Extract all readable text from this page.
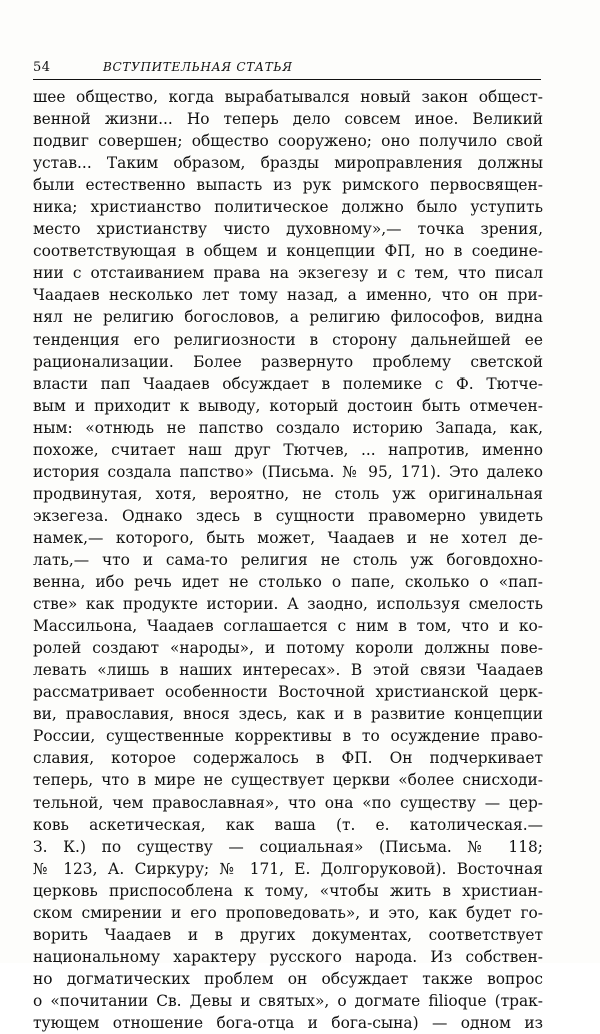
54	ВСТУПИТЕЛЬНАЯ СТАТЬЯ
шее общество, когда вырабатывался новый закон общест-
венной жизни... Но теперь дело совсем иное. Великий
подвиг совершен; общество сооружено; оно получило свой
устав... Таким образом, бразды мироправления должны
были естественно выпасть из рук римского первосвящен-
ника; христианство политическое должно было уступить
место христианству чисто духовному»,— точка зрения,
соответствующая в общем и концепции ФП, но в соедине-
нии с отстаиванием права на экзегезу и с тем, что писал
Чаадаев несколько лет тому назад, а именно, что он при-
нял не религию богословов, а религию философов, видна
тенденция его религиозности в сторону дальнейшей ее
рационализации. Более развернуто проблему светской
власти пап Чаадаев обсуждает в полемике с Ф. Тютче-
вым и приходит к выводу, который достоин быть отмечен-
ным: «отнюдь не папство создало историю Запада, как,
похоже, считает наш друг Тютчев, ... напротив, именно
история создала папство» (Письма. № 95, 171). Это далеко
продвинутая, хотя, вероятно, не столь уж оригинальная
экзегеза. Однако здесь в сущности правомерно увидеть
намек,— которого, быть может, Чаадаев и не хотел де-
лать,— что и сама-то религия не столь уж боговдохно-
венна, ибо речь идет не столько о папе, сколько о «пап-
стве» как продукте истории. А заодно, используя смелость
Массильона, Чаадаев соглашается с ним в том, что и ко-
ролей создают «народы», и потому короли должны пове-
левать «лишь в наших интересах». В этой связи Чаадаев
рассматривает особенности Восточной христианской церк-
ви, православия, внося здесь, как и в развитие концепции
России, существенные коррективы в то осуждение право-
славия, которое содержалось в ФП. Он подчеркивает
теперь, что в мире не существует церкви «более снисходи-
тельной, чем православная», что она «по существу — цер-
ковь аскетическая, как ваша (т. е. католическая.—
З. К.) по существу — социальная» (Письма. № 118;
№ 123, А. Сиркуру; № 171, Е. Долгоруковой). Восточная
церковь приспособлена к тому, «чтобы жить в христиан-
ском смирении и его проповедовать», и это, как будет го-
ворить Чаадаев и в других документах, соответствует
национальному характеру русского народа. Из собствен-
но догматических проблем он обсуждает также вопрос
о «почитании Св. Девы и святых», о догмате filioque (трак-
тующем отношение бога-отца и бога-сына) — одном из
